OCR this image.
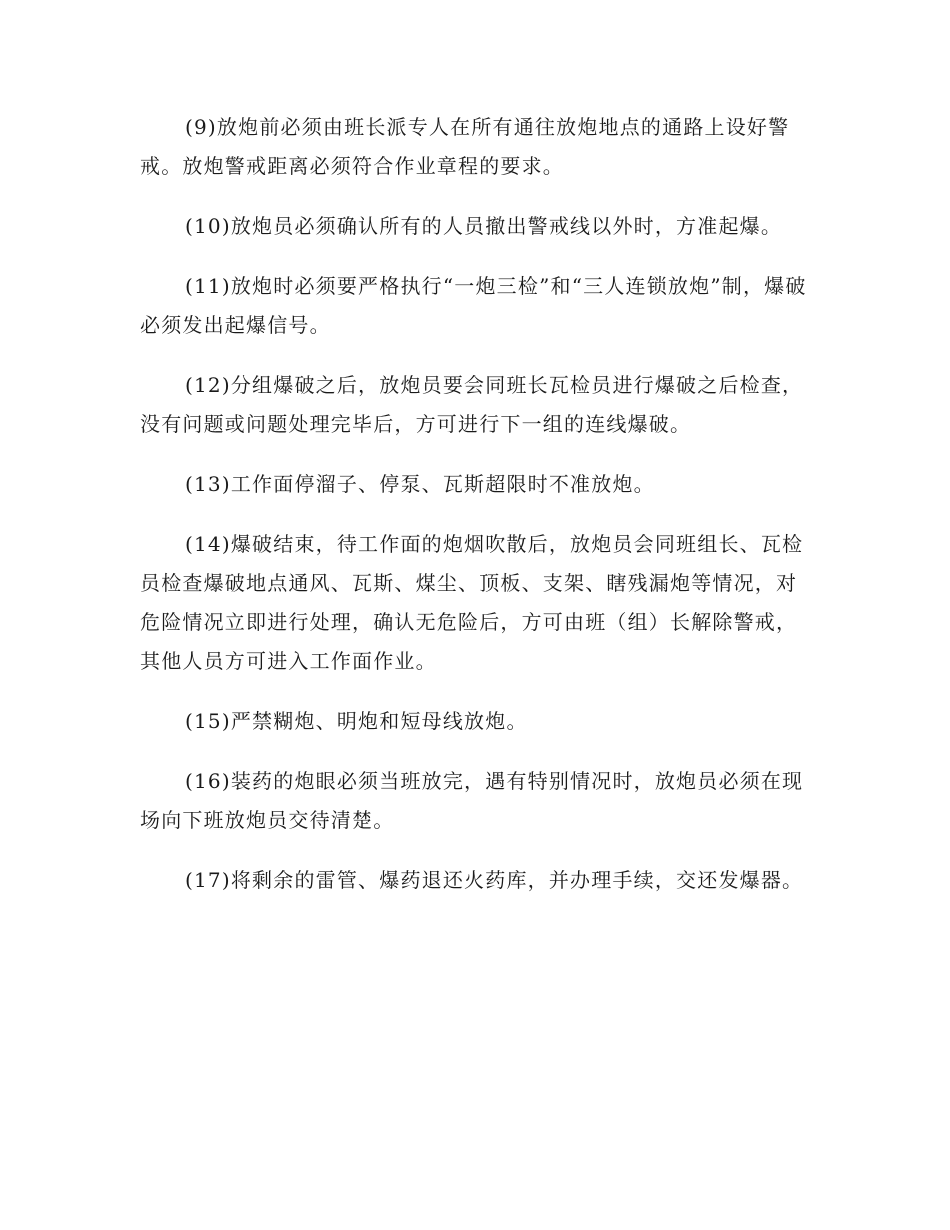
(9)放炮前必须由班长派专人在所有通往放炮地点的通路上设好警戒。放炮警戒距离必须符合作业章程的要求。

(10)放炮员必须确认所有的人员撤出警戒线以外时，方准起爆。

(11)放炮时必须要严格执行“一炮三检”和“三人连锁放炮”制，爆破必须发出起爆信号。

(12)分组爆破之后，放炮员要会同班长瓦检员进行爆破之后检查，没有问题或问题处理完毕后，方可进行下一组的连线爆破。

(13)工作面停溜子、停泵、瓦斯超限时不准放炮。

(14)爆破结束，待工作面的炮烟吹散后，放炮员会同班组长、瓦检员检查爆破地点通风、瓦斯、煤尘、顶板、支架、瞎残漏炮等情况，对危险情况立即进行处理，确认无危险后，方可由班（组）长解除警戒，其他人员方可进入工作面作业。

(15)严禁糊炮、明炮和短母线放炮。

(16)装药的炮眼必须当班放完，遇有特别情况时，放炮员必须在现场向下班放炮员交待清楚。

(17)将剩余的雷管、爆药退还火药库，并办理手续，交还发爆器。
